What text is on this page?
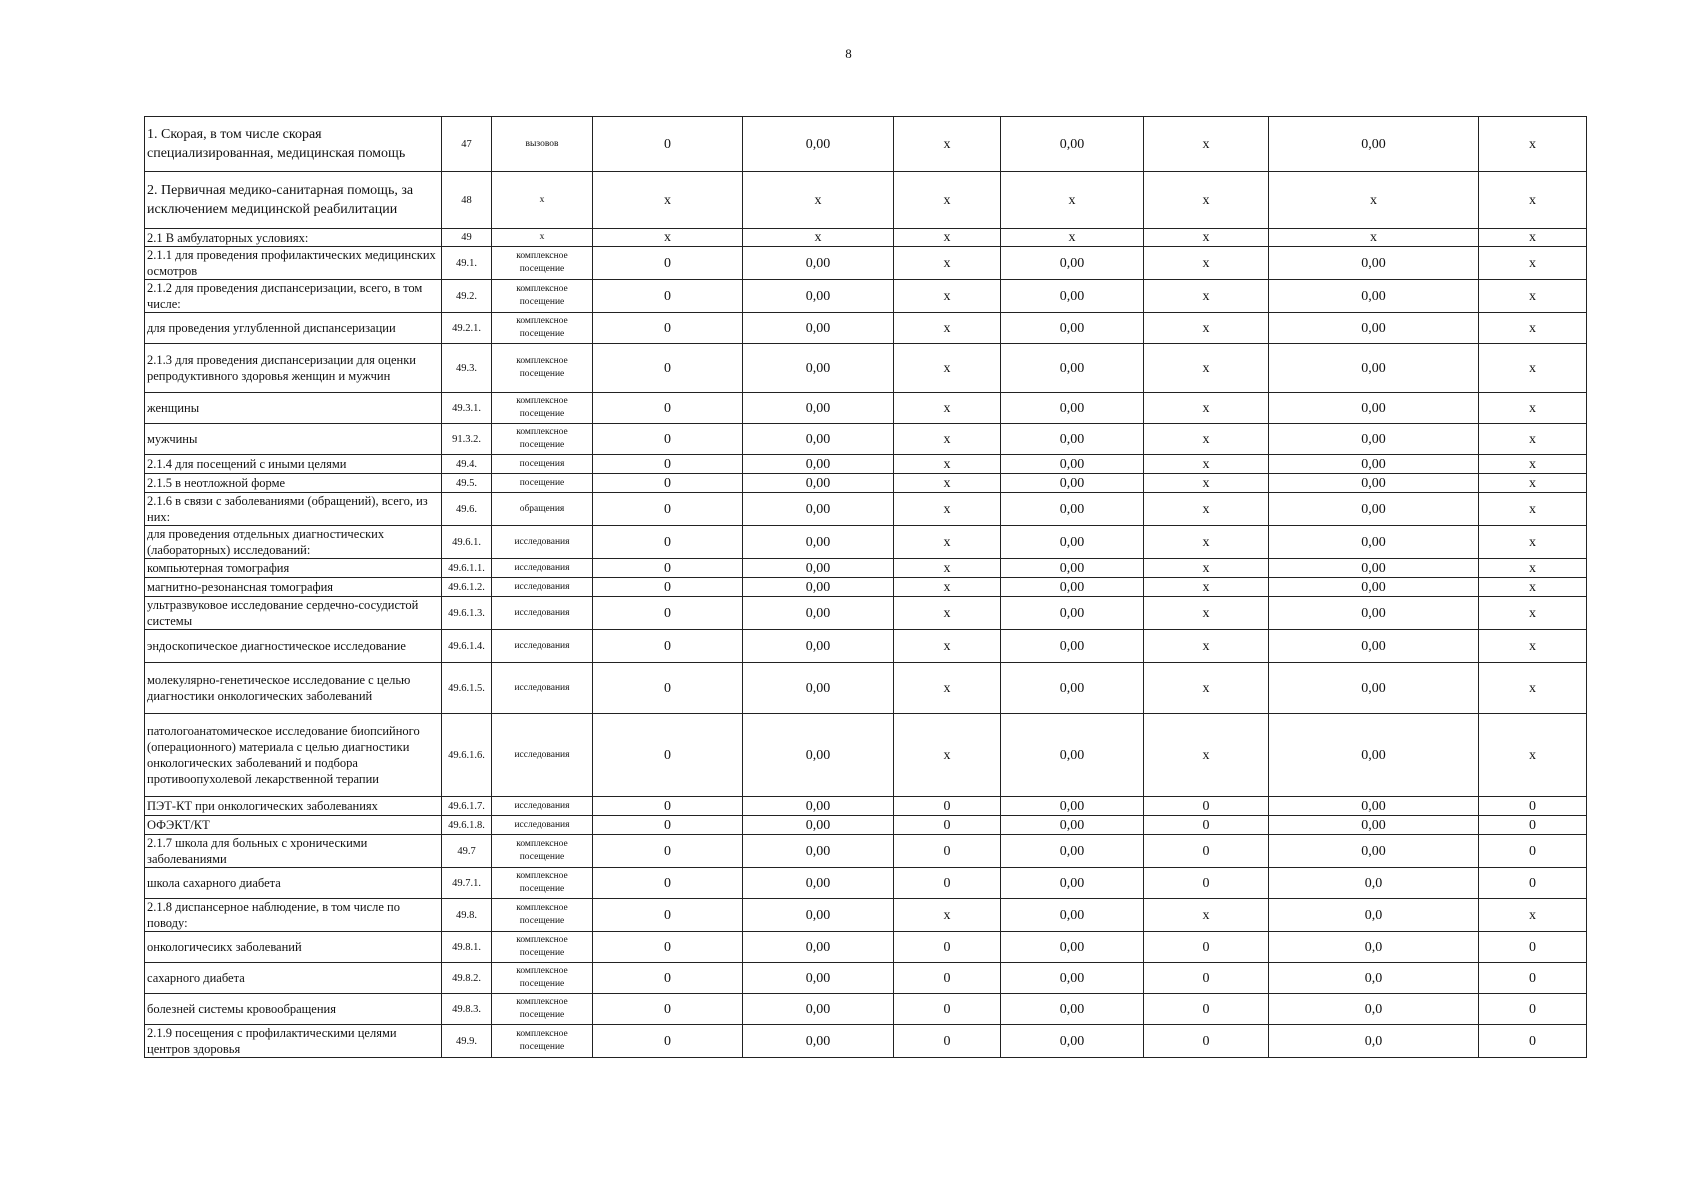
8
1. Скорая, в том числе скорая специализированная, медицинская помощь	47	вызовов	0	0,00	х	0,00	х	0,00	х
2. Первичная медико-санитарная помощь, за исключением медицинской реабилитации	48	х	х	х	х	х	х	х	х
2.1 В амбулаторных условиях:	49	х	х	х	х	х	х	х	х
2.1.1 для проведения профилактических медицинских осмотров	49.1.	комплексное посещение	0	0,00	х	0,00	х	0,00	х
2.1.2 для проведения диспансеризации, всего, в том числе:	49.2.	комплексное посещение	0	0,00	х	0,00	х	0,00	х
для проведения углубленной диспансеризации	49.2.1.	комплексное посещение	0	0,00	х	0,00	х	0,00	х
2.1.3 для проведения диспансеризации для оценки репродуктивного здоровья женщин и мужчин	49.3.	комплексное посещение	0	0,00	х	0,00	х	0,00	х
женщины	49.3.1.	комплексное посещение	0	0,00	х	0,00	х	0,00	х
мужчины	91.3.2.	комплексное посещение	0	0,00	х	0,00	х	0,00	х
2.1.4 для посещений с иными целями	49.4.	посещения	0	0,00	х	0,00	х	0,00	х
2.1.5 в неотложной форме	49.5.	посещение	0	0,00	х	0,00	х	0,00	х
2.1.6 в связи с заболеваниями (обращений), всего, из них:	49.6.	обращения	0	0,00	х	0,00	х	0,00	х
для проведения отдельных диагностических (лабораторных) исследований:	49.6.1.	исследования	0	0,00	х	0,00	х	0,00	х
компьютерная томография	49.6.1.1.	исследования	0	0,00	х	0,00	х	0,00	х
магнитно-резонансная томография	49.6.1.2.	исследования	0	0,00	х	0,00	х	0,00	х
ультразвуковое исследование сердечно-сосудистой системы	49.6.1.3.	исследования	0	0,00	х	0,00	х	0,00	х
эндоскопическое диагностическое исследование	49.6.1.4.	исследования	0	0,00	х	0,00	х	0,00	х
молекулярно-генетическое исследование с целью диагностики онкологических заболеваний	49.6.1.5.	исследования	0	0,00	х	0,00	х	0,00	х
патологоанатомическое исследование биопсийного (операционного) материала с целью диагностики онкологических заболеваний и подбора противоопухолевой лекарственной терапии	49.6.1.6.	исследования	0	0,00	х	0,00	х	0,00	х
ПЭТ-КТ при онкологических заболеваниях	49.6.1.7.	исследования	0	0,00	0	0,00	0	0,00	0
ОФЭКТ/КТ	49.6.1.8.	исследования	0	0,00	0	0,00	0	0,00	0
2.1.7 школа для больных с хроническими заболеваниями	49.7	комплексное посещение	0	0,00	0	0,00	0	0,00	0
школа сахарного диабета	49.7.1.	комплексное посещение	0	0,00	0	0,00	0	0,0	0
2.1.8 диспансерное наблюдение, в том числе по поводу:	49.8.	комплексное посещение	0	0,00	х	0,00	х	0,0	х
онкологичесикх заболеваний	49.8.1.	комплексное посещение	0	0,00	0	0,00	0	0,0	0
сахарного диабета	49.8.2.	комплексное посещение	0	0,00	0	0,00	0	0,0	0
болезней системы кровообращения	49.8.3.	комплексное посещение	0	0,00	0	0,00	0	0,0	0
2.1.9 посещения с профилактическими целями центров здоровья	49.9.	комплексное посещение	0	0,00	0	0,00	0	0,0	0
